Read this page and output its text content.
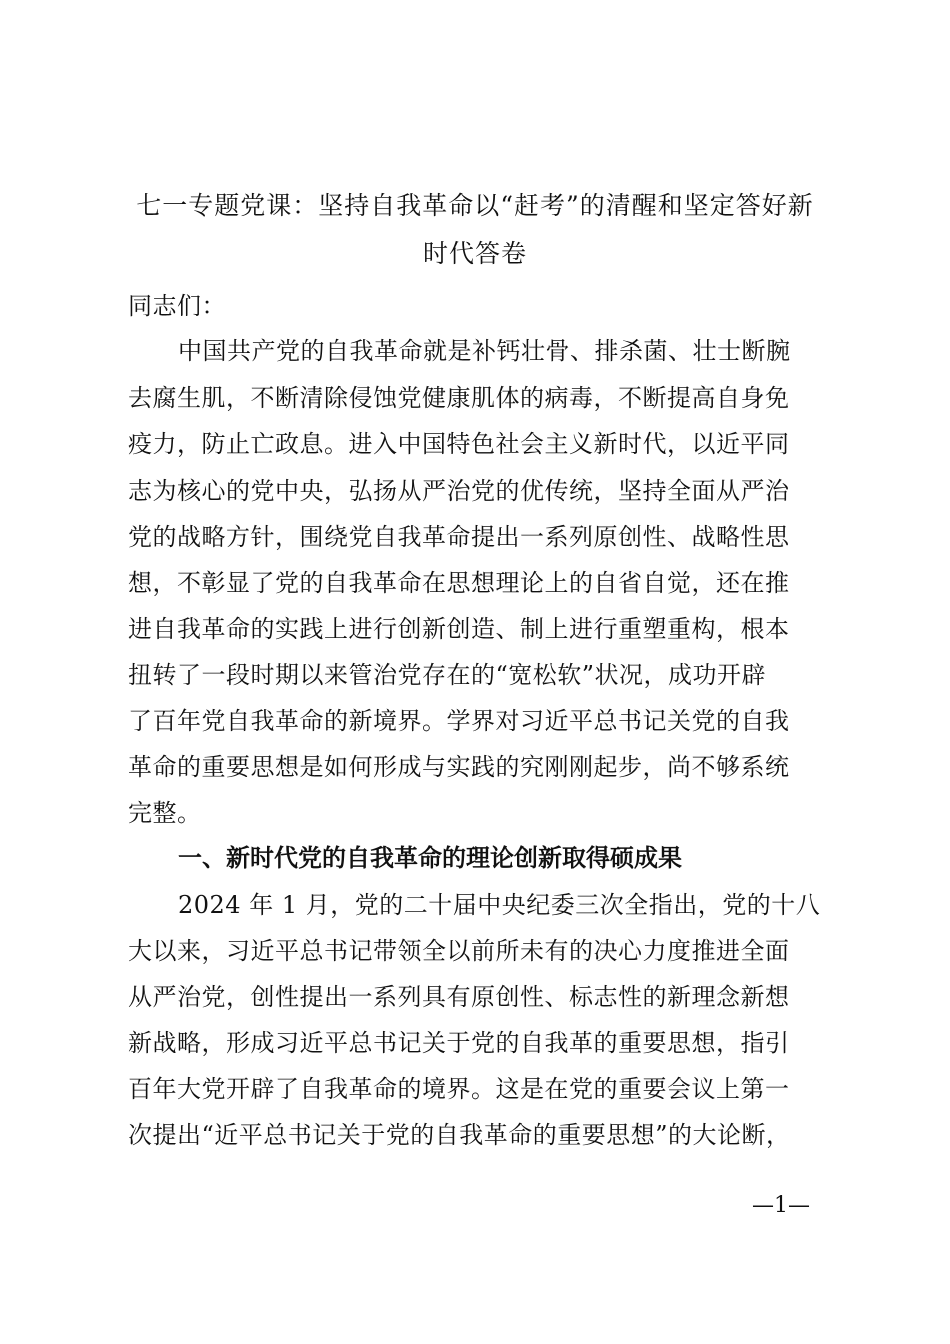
七一专题党课：坚持自我革命以“赶考”的清醒和坚定答好新
时代答卷
同志们：
中国共产党的自我革命就是补钙壮骨、排杀菌、壮士断腕
去腐生肌，不断清除侵蚀党健康肌体的病毒，不断提高自身免
疫力，防止亡政息。进入中国特色社会主义新时代，以近平同
志为核心的党中央，弘扬从严治党的优传统，坚持全面从严治
党的战略方针，围绕党自我革命提出一系列原创性、战略性思
想，不彰显了党的自我革命在思想理论上的自省自觉，还在推
进自我革命的实践上进行创新创造、制上进行重塑重构，根本
扭转了一段时期以来管治党存在的“宽松软”状况，成功开辟
了百年党自我革命的新境界。学界对习近平总书记关党的自我
革命的重要思想是如何形成与实践的究刚刚起步，尚不够系统
完整。
一、新时代党的自我革命的理论创新取得硕成果
2024 年 1 月，党的二十届中央纪委三次全指出，党的十八
大以来，习近平总书记带领全以前所未有的决心力度推进全面
从严治党，创性提出一系列具有原创性、标志性的新理念新想
新战略，形成习近平总书记关于党的自我革的重要思想，指引
百年大党开辟了自我革命的境界。这是在党的重要会议上第一
次提出“近平总书记关于党的自我革命的重要思想”的大论断，
—1—
